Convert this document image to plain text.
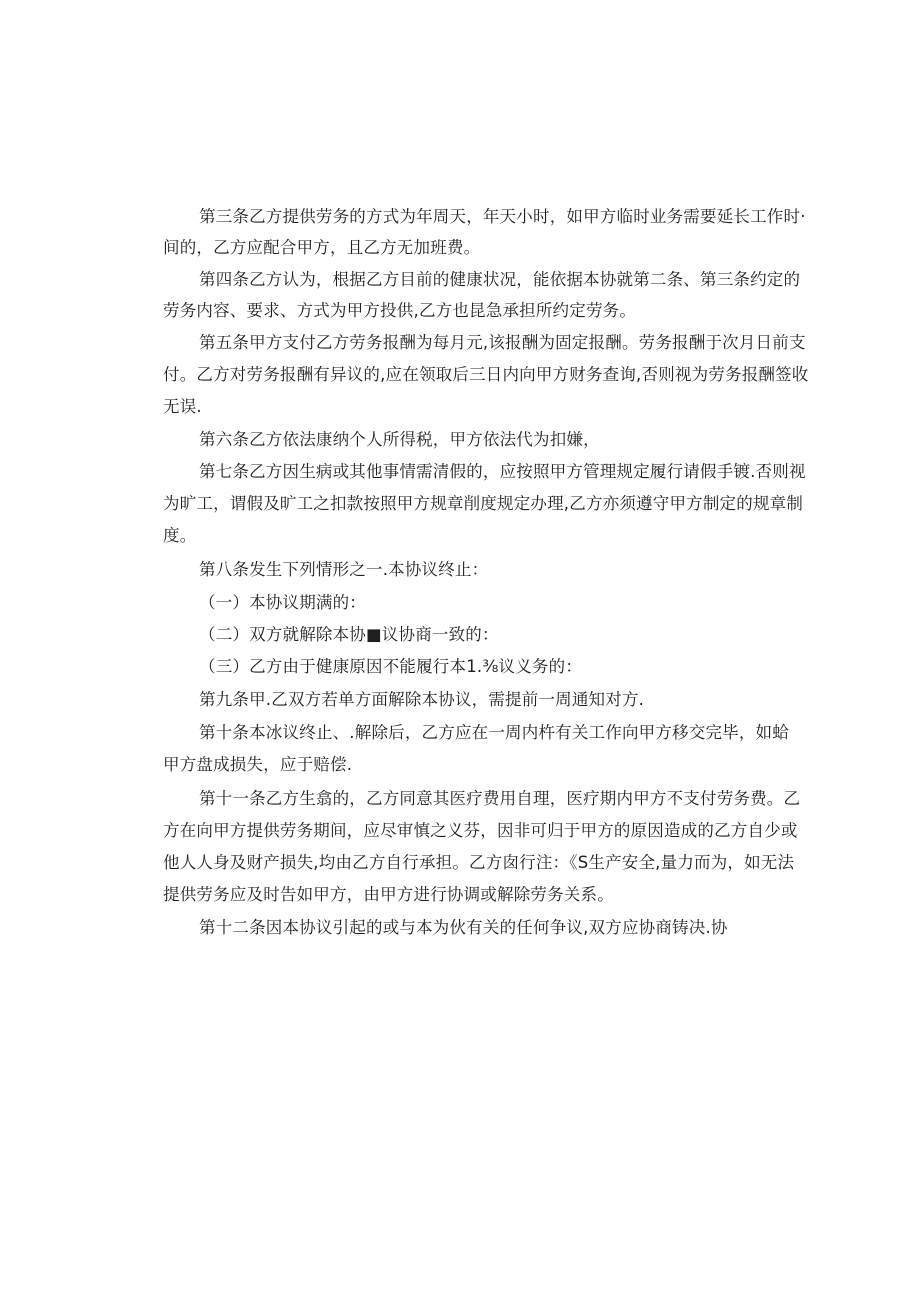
第三条乙方提供劳务的方式为年周天，年天小时，如甲方临时业务需要延长工作时·

间的，乙方应配合甲方，且乙方无加班费。

第四条乙方认为，根据乙方目前的健康状况，能依据本协就第二条、第三条约定的

劳务内容、要求、方式为甲方投供,乙方也昆急承担所约定劳务。

第五条甲方支付乙方劳务报酬为每月元,该报酬为固定报酬。劳务报酬于次月日前支

付。乙方对劳务报酬有异议的,应在领取后三日内向甲方财务查询,否则视为劳务报酬签收

无误.

第六条乙方依法康纳个人所得税，甲方依法代为扣嫌，

第七条乙方因生病或其他事情需清假的，应按照甲方管理规定履行请假手镀.否则视

为旷工，谓假及旷工之扣款按照甲方规章削度规定办理,乙方亦须遵守甲方制定的规章制

度。

第八条发生下列情形之一.本协议终止：

（一）本协议期满的：

（二）双方就解除本协■议协商一致的：

（三）乙方由于健康原因不能履行本1.⅜议义务的：

第九条甲.乙双方若单方面解除本协议，需提前一周通知对方.

第十条本冰议终止、.解除后，乙方应在一周内杵有关工作向甲方移交完毕，如蛤

甲方盘成损失，应于赔偿.

第十一条乙方生翕的，乙方同意其医疗费用自理，医疗期内甲方不支付劳务费。乙

方在向甲方提供劳务期间，应尽审慎之义芬，因非可归于甲方的原因造成的乙方自少或

他人人身及财产损失,均由乙方自行承担。乙方囱行注：《S生产安全,量力而为，如无法

提供劳务应及时告如甲方，由甲方进行协调或解除劳务关系。

第十二条因本协议引起的或与本为伙有关的任何争议,双方应协商铸决.协
